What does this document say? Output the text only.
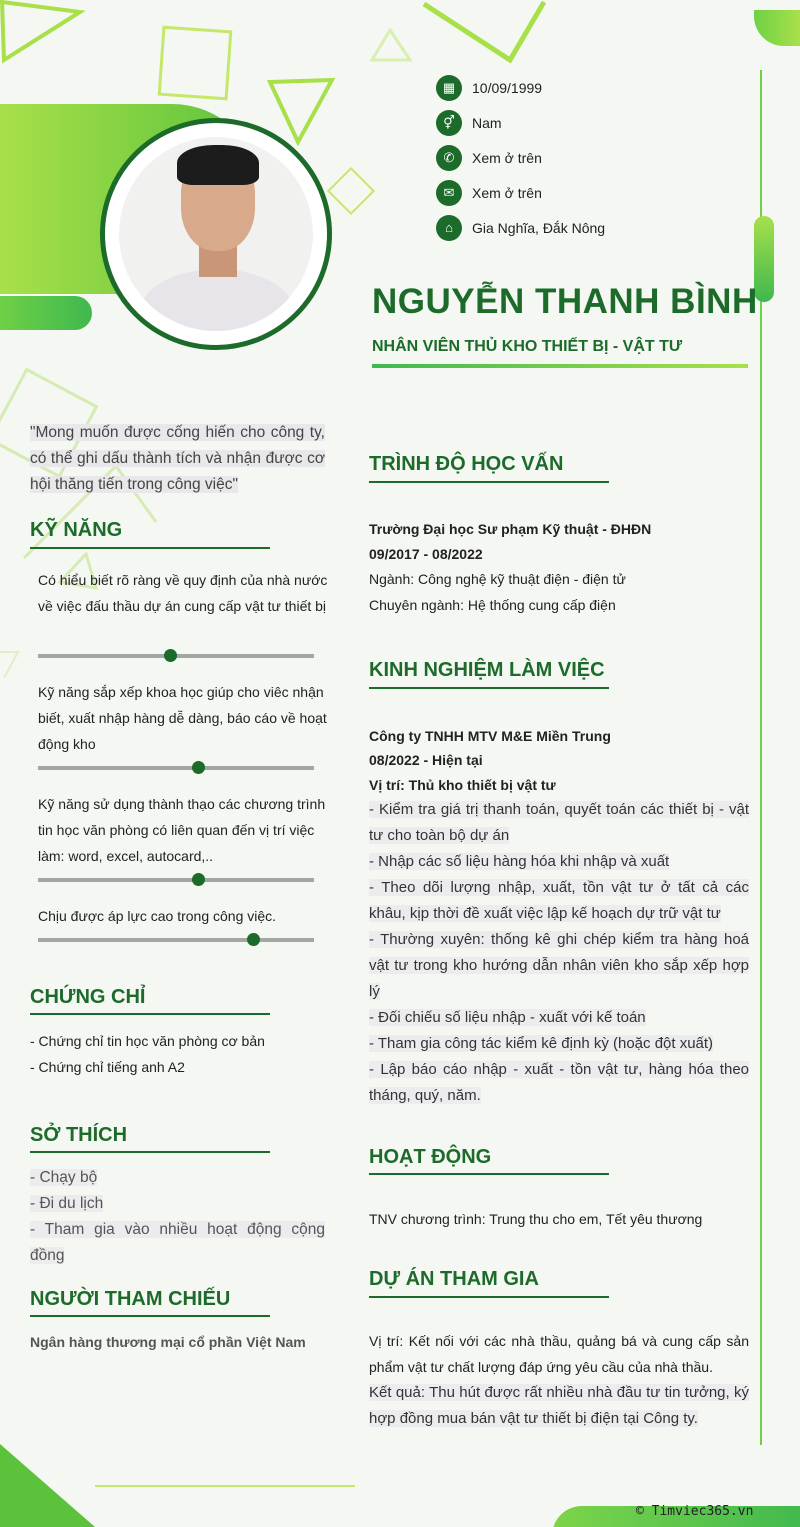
▦	10/09/1999
⚥	Nam
✆	Xem ở trên
✉	Xem ở trên
⌂	Gia Nghĩa, Đắk Nông
NGUYỄN THANH BÌNH
NHÂN VIÊN THỦ KHO THIẾT BỊ - VẬT TƯ
"Mong muốn được cống hiến cho công ty, có thể ghi dấu thành tích và nhận được cơ hội thăng tiến trong công việc"
KỸ NĂNG
Có hiểu biết rõ ràng về quy định của nhà nước về việc đấu thầu dự án cung cấp vật tư thiết bị
Kỹ năng sắp xếp khoa học giúp cho viêc nhận biết, xuất nhập hàng dễ dàng, báo cáo về hoạt động kho
Kỹ năng sử dụng thành thạo các chương trình tin học văn phòng có liên quan đến vị trí việc làm: word, excel, autocard,..
Chịu được áp lực cao trong công việc.
CHỨNG CHỈ
- Chứng chỉ tin học văn phòng cơ bản
- Chứng chỉ tiếng anh A2
SỞ THÍCH
- Chạy bộ
- Đi du lịch
- Tham gia vào nhiều hoạt động cộng đồng
NGƯỜI THAM CHIẾU
Ngân hàng thương mại cổ phần Việt Nam
TRÌNH ĐỘ HỌC VẤN
Trường Đại học Sư phạm Kỹ thuật - ĐHĐN
09/2017 - 08/2022
Ngành: Công nghệ kỹ thuật điện - điện tử
Chuyên ngành: Hệ thống cung cấp điện
KINH NGHIỆM LÀM VIỆC
Công ty TNHH MTV M&E Miền Trung
08/2022 - Hiện tại
Vị trí: Thủ kho thiết bị vật tư
- Kiểm tra giá trị thanh toán, quyết toán các thiết bị - vật tư cho toàn bộ dự án
- Nhập các số liệu hàng hóa khi nhập và xuất
- Theo dõi lượng nhập, xuất, tồn vật tư ở tất cả các khâu, kịp thời đề xuất việc lập kế hoạch dự trữ vật tư
- Thường xuyên: thống kê ghi chép kiểm tra hàng hoá vật tư trong kho hướng dẫn nhân viên kho sắp xếp hợp lý
- Đối chiếu số liệu nhập - xuất với kế toán
- Tham gia công tác kiểm kê định kỳ (hoặc đột xuất)
- Lập báo cáo nhập - xuất - tồn vật tư, hàng hóa theo tháng, quý, năm.
HOẠT ĐỘNG
TNV chương trình: Trung thu cho em, Tết yêu thương
DỰ ÁN THAM GIA
Vị trí: Kết nối với các nhà thầu, quảng bá và cung cấp sản phẩm vật tư chất lượng đáp ứng yêu cầu của nhà thầu.
Kết quả: Thu hút được rất nhiều nhà đầu tư tin tưởng, ký hợp đồng mua bán vật tư thiết bị điện tại Công ty.
© Timviec365.vn
